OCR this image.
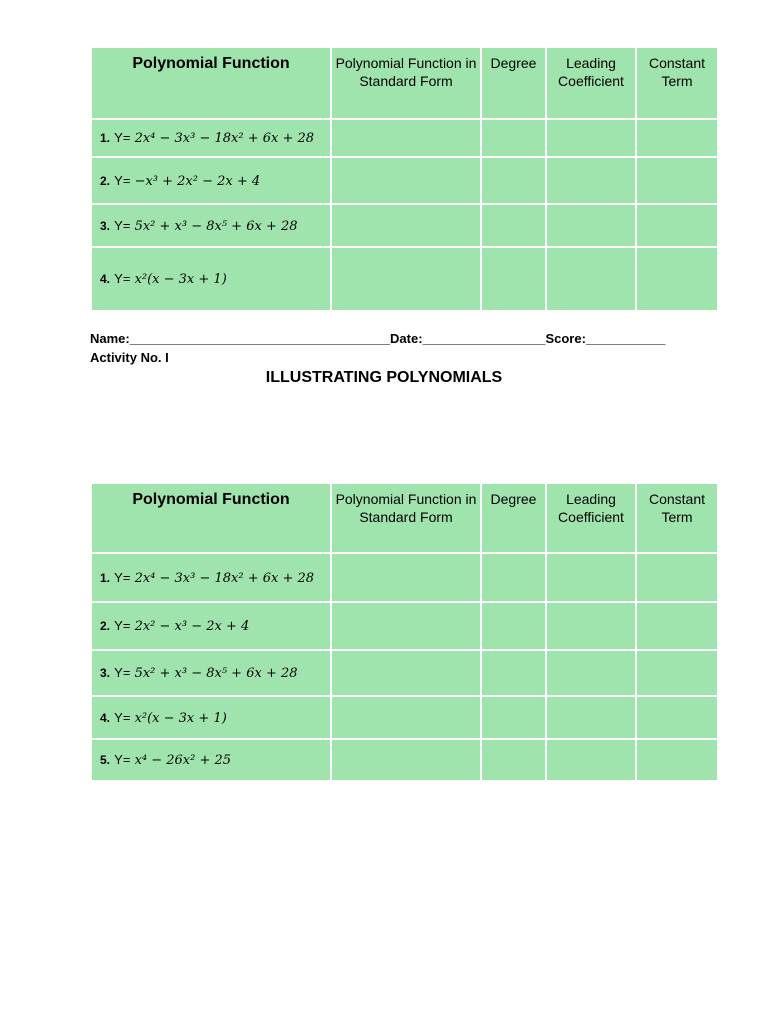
Polynomial Function	Polynomial Function in Standard Form	Degree	Leading Coefficient	Constant Term
1. Y= 2x⁴ − 3x³ − 18x² + 6x + 28				
2. Y= −x³ + 2x² − 2x + 4				
3. Y= 5x² + x³ − 8x⁵ + 6x + 28				
4. Y= x²(x − 3x + 1)				
Name:____________________________________Date:_________________Score:___________
Activity No. I
ILLUSTRATING POLYNOMIALS
Polynomial Function	Polynomial Function in Standard Form	Degree	Leading Coefficient	Constant Term
1. Y= 2x⁴ − 3x³ − 18x² + 6x + 28				
2. Y= 2x² − x³ − 2x + 4				
3. Y= 5x² + x³ − 8x⁵ + 6x + 28				
4. Y= x²(x − 3x + 1)				
5. Y= x⁴ − 26x² + 25				
